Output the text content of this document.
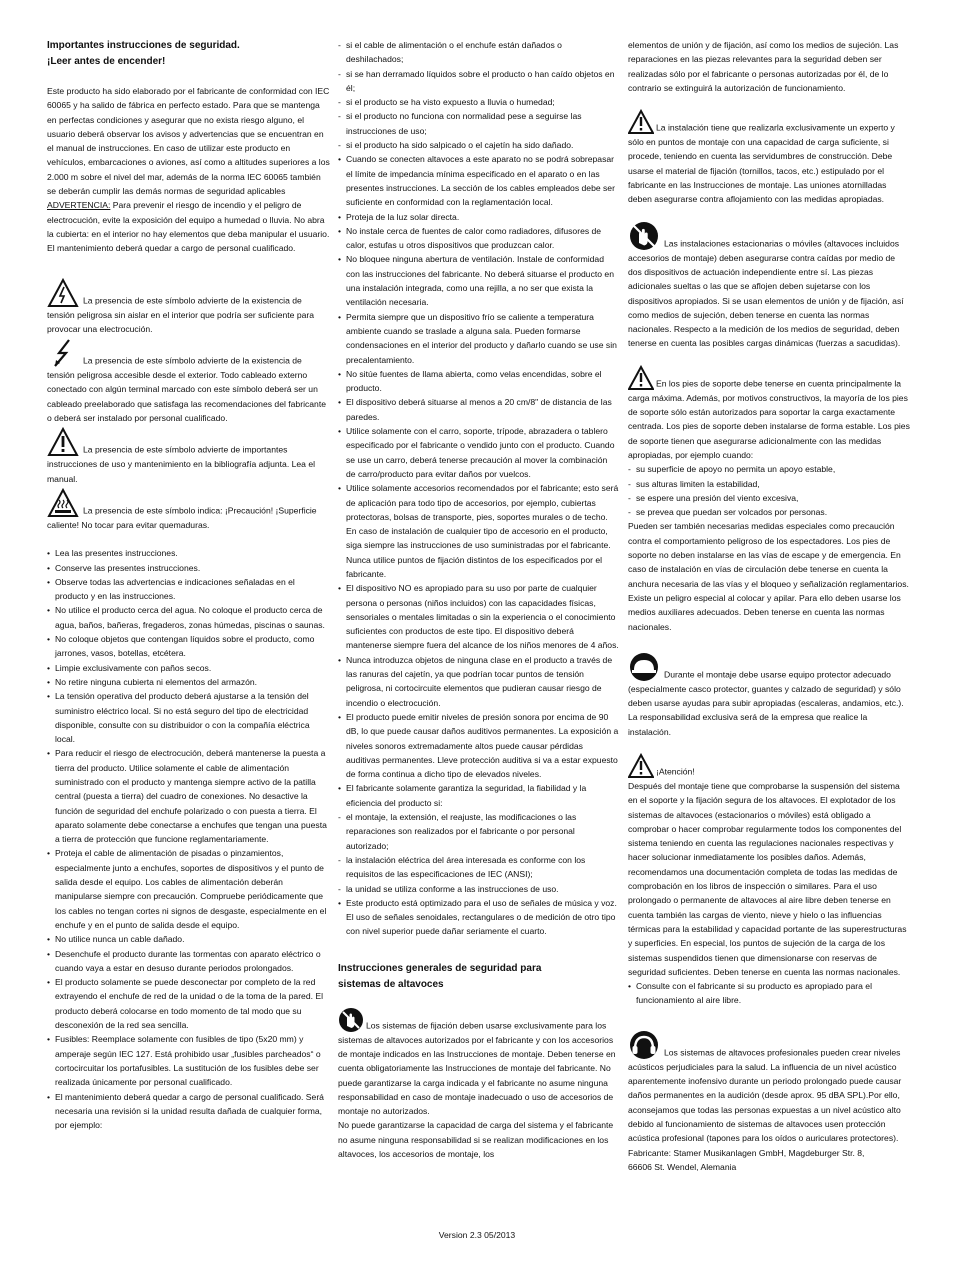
Importantes instrucciones de seguridad.
¡Leer antes de encender!

Este producto ha sido elaborado por el fabricante de conformidad con IEC 60065 y ha salido de fábrica en perfecto estado. Para que se mantenga en perfectas condiciones y asegurar que no exista riesgo alguno, el usuario deberá observar los avisos y advertencias que se encuentran en el manual de instrucciones. En caso de utilizar este producto en vehículos, embarcaciones o aviones, así como a altitudes superiores a los 2.000 m sobre el nivel del mar, además de la norma IEC 60065 también se deberán cumplir las demás normas de seguridad aplicables

ADVERTENCIA: Para prevenir el riesgo de incendio y el peligro de electrocución, evite la exposición del equipo a humedad o lluvia. No abra la cubierta: en el interior no hay elementos que deba manipular el usuario. El mantenimiento deberá quedar a cargo de personal cualificado.

La presencia de este símbolo advierte de la existencia de tensión peligrosa sin aislar en el interior que podría ser suficiente para provocar una electrocución.

La presencia de este símbolo advierte de la existencia de tensión peligrosa accesible desde el exterior. Todo cableado externo conectado con algún terminal marcado con este símbolo deberá ser un cableado preelaborado que satisfaga las recomendaciones del fabricante o deberá ser instalado por personal cualificado.

La presencia de este símbolo advierte de importantes instrucciones de uso y mantenimiento en la bibliografía adjunta. Lea el manual.

La presencia de este símbolo indica: ¡Precaución! ¡Superficie caliente! No tocar para evitar quemaduras.

• Lea las presentes instrucciones.
• Conserve las presentes instrucciones.
• Observe todas las advertencias e indicaciones señaladas en el producto y en las instrucciones.
• No utilice el producto cerca del agua. No coloque el producto cerca de agua, baños, bañeras, fregaderos, zonas húmedas, piscinas o saunas.
• No coloque objetos que contengan líquidos sobre el producto, como jarrones, vasos, botellas, etcétera.
• Limpie exclusivamente con paños secos.
• No retire ninguna cubierta ni elementos del armazón.
• La tensión operativa del producto deberá ajustarse a la tensión del suministro eléctrico local. Si no está seguro del tipo de electricidad disponible, consulte con su distribuidor o con la compañía eléctrica local.
• Para reducir el riesgo de electrocución, deberá mantenerse la puesta a tierra del producto. Utilice solamente el cable de alimentación suministrado con el producto y mantenga siempre activo de la patilla central (puesta a tierra) del cuadro de conexiones. No desactive la función de seguridad del enchufe polarizado o con puesta a tierra. El aparato solamente debe conectarse a enchufes que tengan una puesta a tierra de protección que funcione reglamentariamente.
• Proteja el cable de alimentación de pisadas o pinzamientos, especialmente junto a enchufes, soportes de dispositivos y el punto de salida desde el equipo. Los cables de alimentación deberán manipularse siempre con precaución. Compruebe periódicamente que los cables no tengan cortes ni signos de desgaste, especialmente en el enchufe y en el punto de salida desde el equipo.
• No utilice nunca un cable dañado.
• Desenchufe el producto durante las tormentas con aparato eléctrico o cuando vaya a estar en desuso durante periodos prolongados.
• El producto solamente se puede desconectar por completo de la red extrayendo el enchufe de red de la unidad o de la toma de la pared. El producto deberá colocarse en todo momento de tal modo que su desconexión de la red sea sencilla.
• Fusibles: Reemplace solamente con fusibles de tipo (5x20 mm) y amperaje según IEC 127. Está prohibido usar „fusibles parcheados“ o cortocircuitar los portafusibles. La sustitución de los fusibles debe ser realizada únicamente por personal cualificado.
• El mantenimiento deberá quedar a cargo de personal cualificado. Será necesaria una revisión si la unidad resulta dañada de cualquier forma, por ejemplo:
- si el cable de alimentación o el enchufe están dañados o deshilachados;
- si se han derramado líquidos sobre el producto o han caído objetos en él;
- si el producto se ha visto expuesto a lluvia o humedad;
- si el producto no funciona con normalidad pese a seguirse las instrucciones de uso;
- si el producto ha sido salpicado o el cajetín ha sido dañado.
• Cuando se conecten altavoces a este aparato no se podrá sobrepasar el límite de impedancia mínima especificado en el aparato o en las presentes instrucciones. La sección de los cables empleados debe ser suficiente en conformidad con la reglamentación local.
• Proteja de la luz solar directa.
• No instale cerca de fuentes de calor como radiadores, difusores de calor, estufas u otros dispositivos que produzcan calor.
• No bloquee ninguna abertura de ventilación. Instale de conformidad con las instrucciones del fabricante. No deberá situarse el producto en una instalación integrada, como una rejilla, a no ser que exista la ventilación necesaria.
• Permita siempre que un dispositivo frío se caliente a temperatura ambiente cuando se traslade a alguna sala. Pueden formarse condensaciones en el interior del producto y dañarlo cuando se use sin precalentamiento.
• No sitúe fuentes de llama abierta, como velas encendidas, sobre el producto.
• El dispositivo deberá situarse al menos a 20 cm/8" de distancia de las paredes.
• Utilice solamente con el carro, soporte, trípode, abrazadera o tablero especificado por el fabricante o vendido junto con el producto. Cuando se use un carro, deberá tenerse precaución al mover la combinación de carro/producto para evitar daños por vuelcos.
• Utilice solamente accesorios recomendados por el fabricante; esto será de aplicación para todo tipo de accesorios, por ejemplo, cubiertas protectoras, bolsas de transporte, pies, soportes murales o de techo. En caso de instalación de cualquier tipo de accesorio en el producto, siga siempre las instrucciones de uso suministradas por el fabricante. Nunca utilice puntos de fijación distintos de los especificados por el fabricante.
• El dispositivo NO es apropiado para su uso por parte de cualquier persona o personas (niños incluidos) con las capacidades físicas, sensoriales o mentales limitadas o sin la experiencia o el conocimiento suficientes con productos de este tipo. El dispositivo deberá mantenerse siempre fuera del alcance de los niños menores de 4 años.
• Nunca introduzca objetos de ninguna clase en el producto a través de las ranuras del cajetín, ya que podrían tocar puntos de tensión peligrosa, ni cortocircuite elementos que pudieran causar riesgo de incendio o electrocución.
• El producto puede emitir niveles de presión sonora por encima de 90 dB, lo que puede causar daños auditivos permanentes. La exposición a niveles sonoros extremadamente altos puede causar pérdidas auditivas permanentes. Lleve protección auditiva si va a estar expuesto de forma continua a dicho tipo de elevados niveles.
• El fabricante solamente garantiza la seguridad, la fiabilidad y la eficiencia del producto si:
- el montaje, la extensión, el reajuste, las modificaciones o las reparaciones son realizados por el fabricante o por personal autorizado;
- la instalación eléctrica del área interesada es conforme con los requisitos de las especificaciones de IEC (ANSI);
- la unidad se utiliza conforme a las instrucciones de uso.
• Este producto está optimizado para el uso de señales de música y voz. El uso de señales senoidales, rectangulares o de medición de otro tipo con nivel superior puede dañar seriamente el cuarto.
Instrucciones generales de seguridad para
sistemas de altavoces

Los sistemas de fijación deben usarse exclusivamente para los sistemas de altavoces autorizados por el fabricante y con los accesorios de montaje indicados en las Instrucciones de montaje. Deben tenerse en cuenta obligatoriamente las Instrucciones de montaje del fabricante. No puede garantizarse la carga indicada y el fabricante no asume ninguna responsabilidad en caso de montaje inadecuado o uso de accesorios de montaje no autorizados.

No puede garantizarse la capacidad de carga del sistema y el fabricante no asume ninguna responsabilidad si se realizan modificaciones en los altavoces, los accesorios de montaje, los

elementos de unión y de fijación, así como los medios de sujeción. Las reparaciones en las piezas relevantes para la seguridad deben ser realizadas sólo por el fabricante o personas autorizadas por él, de lo contrario se extinguirá la autorización de funcionamiento.

La instalación tiene que realizarla exclusivamente un experto y sólo en puntos de montaje con una capacidad de carga suficiente, si procede, teniendo en cuenta las servidumbres de construcción. Debe usarse el material de fijación (tornillos, tacos, etc.) estipulado por el fabricante en las Instrucciones de montaje. Las uniones atornilladas deben asegurarse contra aflojamiento con las medidas apropiadas.

Las instalaciones estacionarias o móviles (altavoces incluidos accesorios de montaje) deben asegurarse contra caídas por medio de dos dispositivos de actuación independiente entre sí. Las piezas adicionales sueltas o las que se aflojen deben sujetarse con los dispositivos apropiados. Si se usan elementos de unión y de fijación, así como medios de sujeción, deben tenerse en cuenta las normas nacionales. Respecto a la medición de los medios de seguridad, deben tenerse en cuenta las posibles cargas dinámicas (fuerzas a sacudidas).

En los pies de soporte debe tenerse en cuenta principalmente la carga máxima. Además, por motivos constructivos, la mayoría de los pies de soporte sólo están autorizados para soportar la carga exactamente centrada. Los pies de soporte deben instalarse de forma estable. Los pies de soporte tienen que asegurarse adicionalmente con las medidas apropiadas, por ejemplo cuando:

- su superficie de apoyo no permita un apoyo estable,
- sus alturas limiten la estabilidad,
- se espere una presión del viento excesiva,
- se prevea que puedan ser volcados por personas.

Pueden ser también necesarias medidas especiales como precaución contra el comportamiento peligroso de los espectadores. Los pies de soporte no deben instalarse en las vías de escape y de emergencia. En caso de instalación en vías de circulación debe tenerse en cuenta la anchura necesaria de las vías y el bloqueo y señalización reglamentarios. Existe un peligro especial al colocar y apilar. Para ello deben usarse los medios auxiliares adecuados. Deben tenerse en cuenta las normas nacionales.

Durante el montaje debe usarse equipo protector adecuado (especialmente casco protector, guantes y calzado de seguridad) y sólo deben usarse ayudas para subir apropiadas (escaleras, andamios, etc.). La responsabilidad exclusiva será de la empresa que realice la instalación.

¡Atención!

Después del montaje tiene que comprobarse la suspensión del sistema en el soporte y la fijación segura de los altavoces. El explotador de los sistemas de altavoces (estacionarios o móviles) está obligado a comprobar o hacer comprobar regularmente todos los componentes del sistema teniendo en cuenta las regulaciones nacionales respectivas y hacer solucionar inmediatamente los posibles daños. Además, recomendamos una documentación completa de todas las medidas de comprobación en los libros de inspección o similares. Para el uso prolongado o permanente de altavoces al aire libre deben tenerse en cuenta también las cargas de viento, nieve y hielo o las influencias térmicas para la estabilidad y capacidad portante de las superestructuras y superficies. En especial, los puntos de sujeción de la carga de los sistemas suspendidos tienen que dimensionarse con reservas de seguridad suficientes. Deben tenerse en cuenta las normas nacionales.

• Consulte con el fabricante si su producto es apropiado para el funcionamiento al aire libre.

Los sistemas de altavoces profesionales pueden crear niveles acústicos perjudiciales para la salud. La influencia de un nivel acústico aparentemente inofensivo durante un periodo prolongado puede causar daños permanentes en la audición (desde aprox. 95 dBA SPL).Por ello, aconsejamos que todas las personas expuestas a un nivel acústico alto debido al funcionamiento de sistemas de altavoces usen protección acústica profesional (tapones para los oídos o auriculares protectores).

Fabricante: Stamer Musikanlagen GmbH, Magdeburger Str. 8,

66606 St. Wendel, Alemania

Version 2.3 05/2013
